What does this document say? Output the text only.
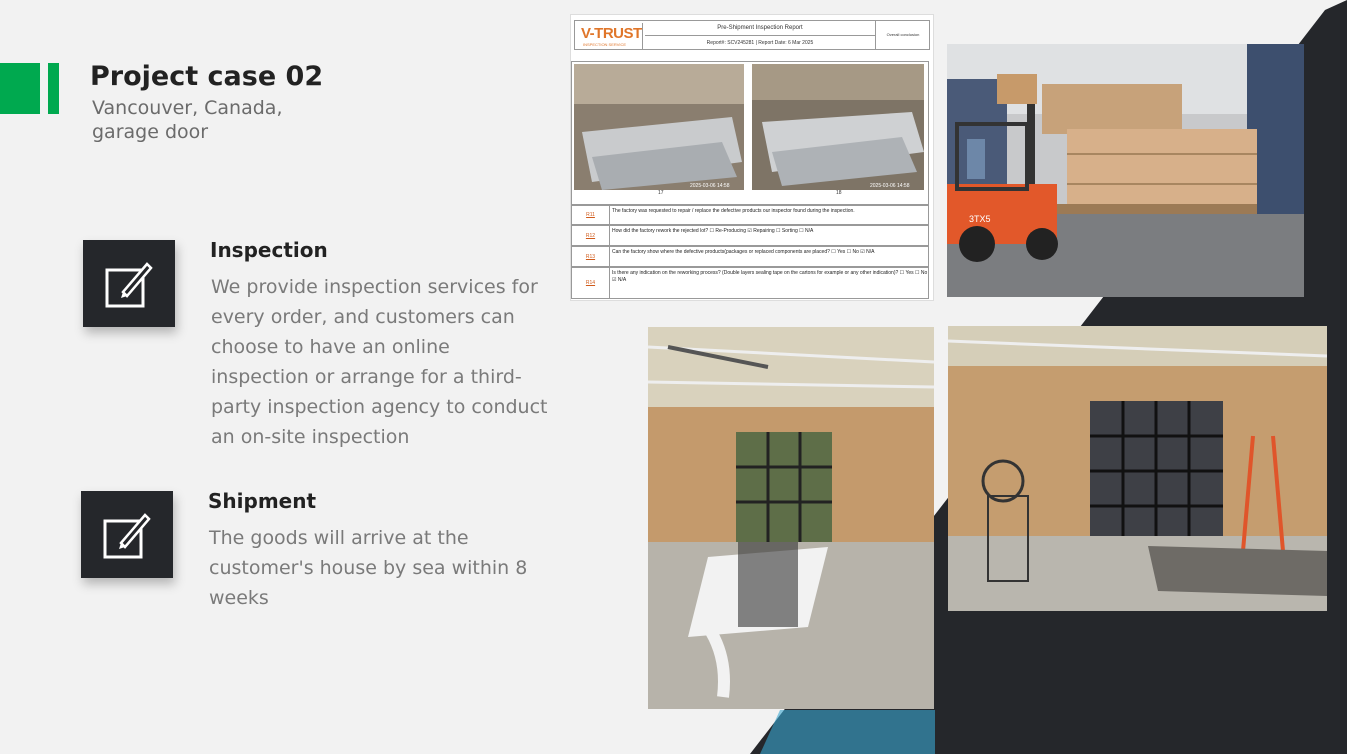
Project case 02
Vancouver, Canada, garage door
Inspection
We provide inspection services for every order, and customers can choose to have an online inspection or arrange for a third-party inspection agency to conduct an on-site inspection
Shipment
The goods will arrive at the customer's house by sea within 8 weeks
V-TRUST
INSPECTION SERVICE
Pre-Shipment Inspection Report
Report#: SCV245281 | Report Date: 6 Mar 2025
Overall conclusion
17	18
2025-03-06 14:58	2025-03-06 14:58
R11
The factory was requested to repair / replace the defective products our inspector found during the inspection.
R12
How did the factory rework the rejected lot? ☐ Re-Producing ☑ Repairing ☐ Sorting ☐ N/A
R13
Can the factory show where the defective products(packages or replaced components are placed? ☐ Yes ☐ No ☑ N/A
R14
Is there any indication on the reworking process? (Double layers sealing tape on the cartons for example or any other indication)? ☐ Yes ☐ No ☑ N/A
3TX5
